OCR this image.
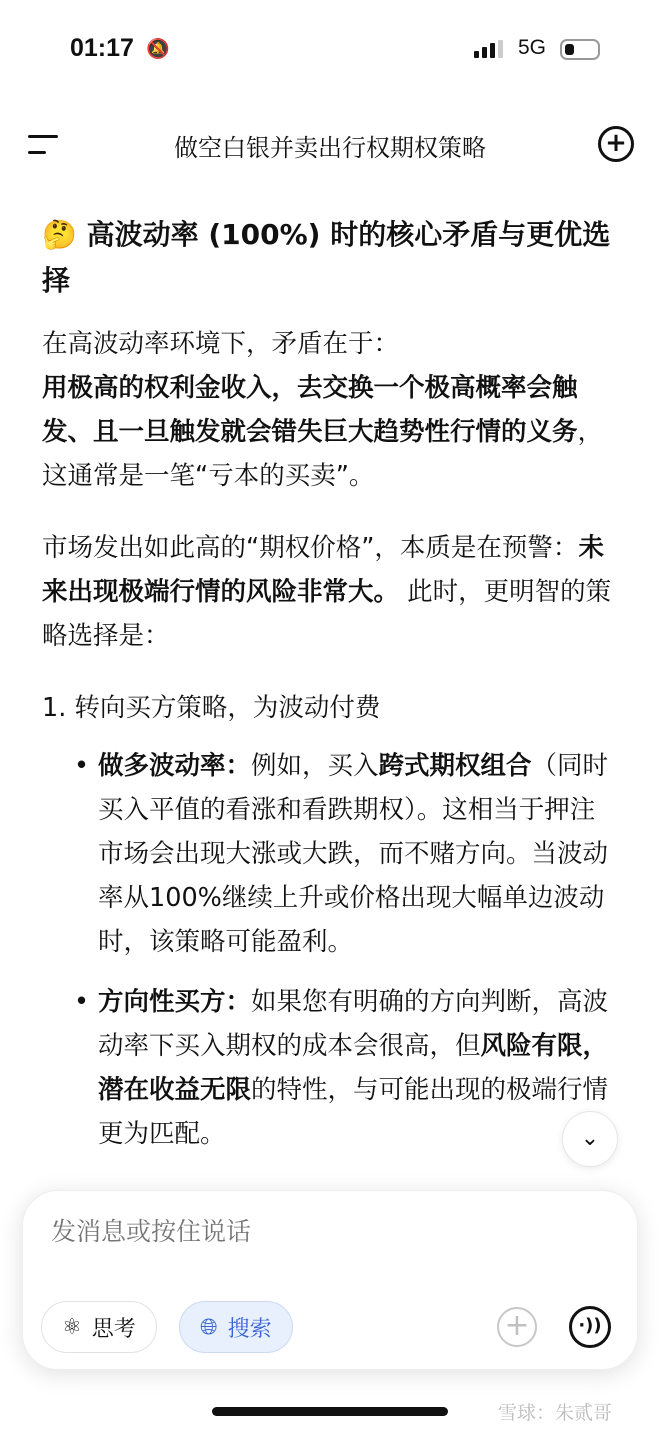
01:17 🔕	5G
做空白银并卖出行权期权策略	+
🤔 高波动率 (100%) 时的核心矛盾与更优选择

在高波动率环境下，矛盾在于：
用极高的权利金收入，去交换一个极高概率会触发、且一旦触发就会错失巨大趋势性行情的义务，这通常是一笔“亏本的买卖”。

市场发出如此高的“期权价格”，本质是在预警：未来出现极端行情的风险非常大。 此时，更明智的策略选择是：

1. 转向买方策略，为波动付费
• 做多波动率：例如，买入跨式期权组合（同时买入平值的看涨和看跌期权）。这相当于押注市场会出现大涨或大跌，而不赌方向。当波动率从100%继续上升或价格出现大幅单边波动时，该策略可能盈利。
• 方向性买方：如果您有明确的方向判断，高波动率下买入期权的成本会很高，但风险有限，潜在收益无限的特性，与可能出现的极端行情更为匹配。	⌄
发消息或按住说话
⚛ 思考	🌐︎ 搜索	+	·))
雪球：朱贰哥
